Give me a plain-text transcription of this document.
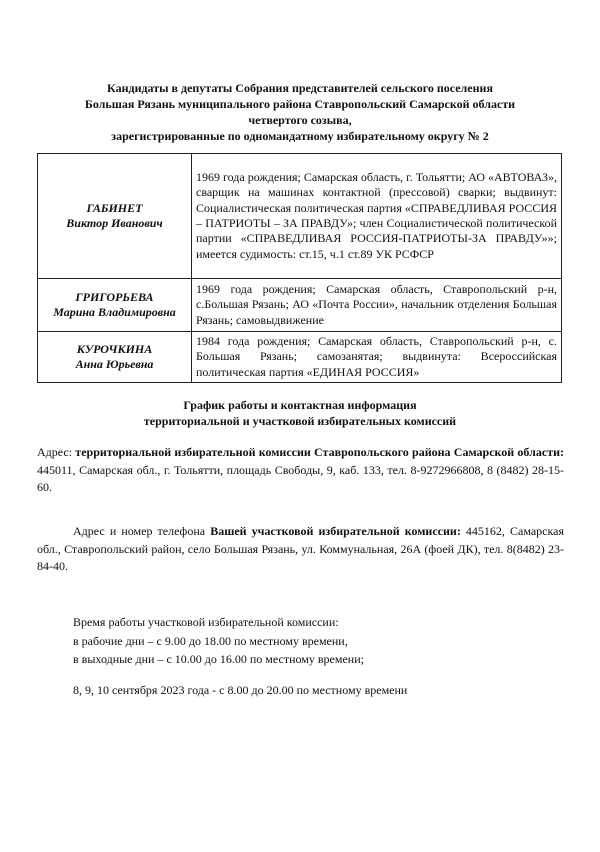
Кандидаты в депутаты Собрания представителей сельского поселения
Большая Рязань муниципального района Ставропольский Самарской области
четвертого созыва,
зарегистрированные по одномандатному избирательному округу № 2
ГАБИНЕТ
Виктор Иванович	1969 года рождения; Самарская область, г. Тольятти; АО «АВТОВАЗ», сварщик на машинах контактной (прессовой) сварки; выдвинут: Социалистическая политическая партия «СПРАВЕДЛИВАЯ РОССИЯ – ПАТРИОТЫ – ЗА ПРАВДУ»; член Социалистической политической партии «СПРАВЕДЛИВАЯ РОССИЯ-ПАТРИОТЫ-ЗА ПРАВДУ»»; имеется судимость: ст.15, ч.1 ст.89 УК РСФСР

ГРИГОРЬЕВА
Марина Владимировна	1969 года рождения; Самарская область, Ставропольский р-н, с.Большая Рязань; АО «Почта России», начальник отделения Большая Рязань; самовыдвижение

КУРОЧКИНА
Анна Юрьевна	1984 года рождения; Самарская область, Ставропольский р-н, с. Большая Рязань; самозанятая; выдвинута: Всероссийская политическая партия «ЕДИНАЯ РОССИЯ»
График работы и контактная информация
территориальной и участковой избирательных комиссий
Адрес: территориальной избирательной комиссии Ставропольского района Самарской области: 445011, Самарская обл., г. Тольятти, площадь Свободы, 9, каб. 133, тел. 8-9272966808, 8 (8482) 28-15-60.
Адрес и номер телефона Вашей участковой избирательной комиссии: 445162, Самарская обл., Ставропольский район, село Большая Рязань, ул. Коммунальная, 26А (фоей ДК), тел. 8(8482) 23-84-40.
Время работы участковой избирательной комиссии:
в рабочие дни – с 9.00 до 18.00 по местному времени,
в выходные дни – с 10.00 до 16.00 по местному времени;
8, 9, 10 сентября 2023 года - с 8.00 до 20.00 по местному времени
